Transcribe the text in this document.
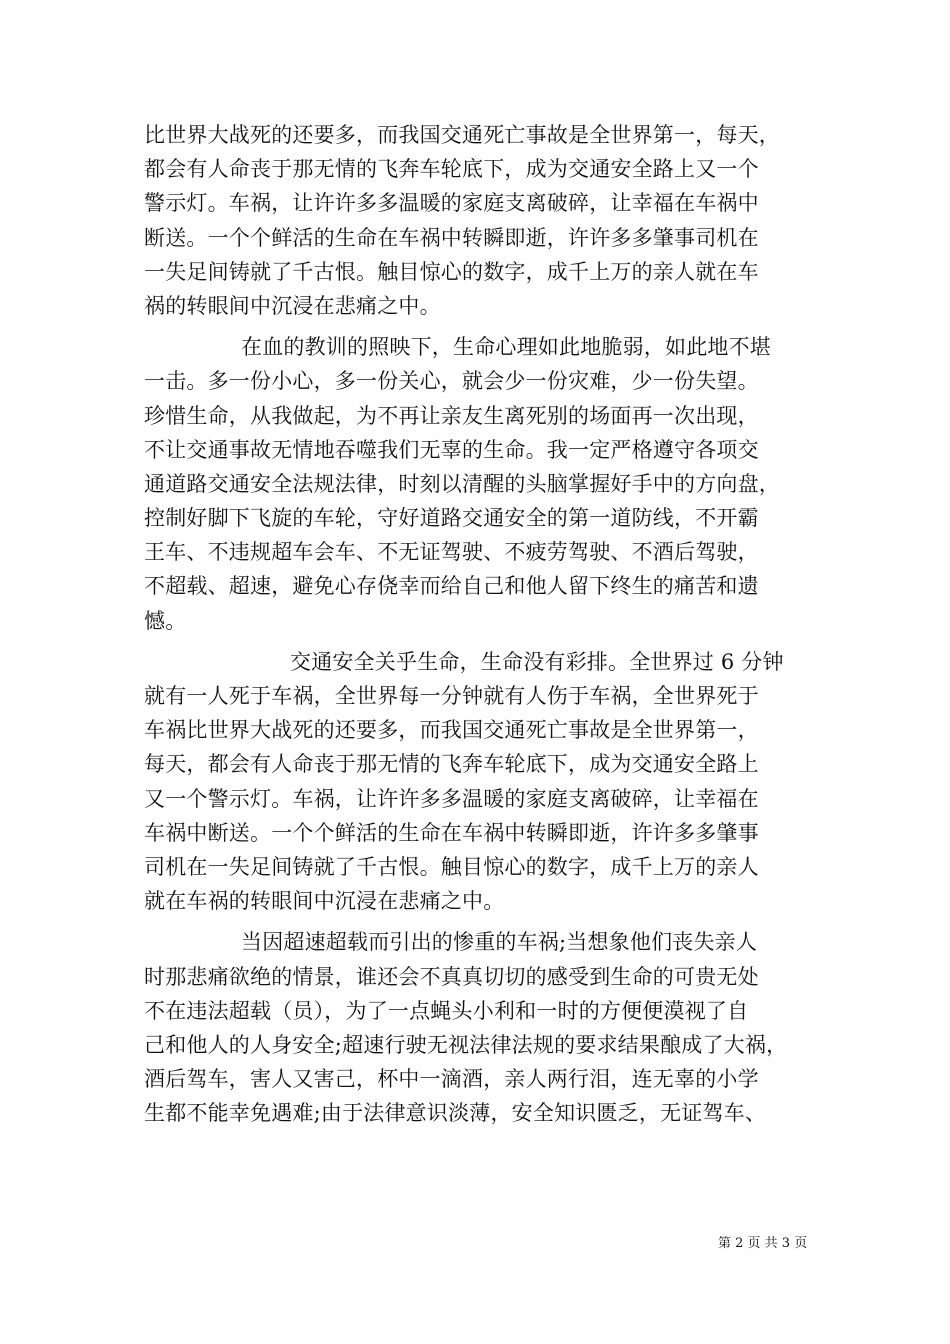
比世界大战死的还要多，而我国交通死亡事故是全世界第一，每天，
都会有人命丧于那无情的飞奔车轮底下，成为交通安全路上又一个
警示灯。车祸，让许许多多温暖的家庭支离破碎，让幸福在车祸中
断送。一个个鲜活的生命在车祸中转瞬即逝，许许多多肇事司机在
一失足间铸就了千古恨。触目惊心的数字，成千上万的亲人就在车
祸的转眼间中沉浸在悲痛之中。
在血的教训的照映下，生命心理如此地脆弱，如此地不堪
一击。多一份小心，多一份关心，就会少一份灾难，少一份失望。
珍惜生命，从我做起，为不再让亲友生离死别的场面再一次出现，
不让交通事故无情地吞噬我们无辜的生命。我一定严格遵守各项交
通道路交通安全法规法律，时刻以清醒的头脑掌握好手中的方向盘，
控制好脚下飞旋的车轮，守好道路交通安全的第一道防线，不开霸
王车、不违规超车会车、不无证驾驶、不疲劳驾驶、不酒后驾驶，
不超载、超速，避免心存侥幸而给自己和他人留下终生的痛苦和遗
憾。
交通安全关乎生命，生命没有彩排。全世界过 6 分钟
就有一人死于车祸，全世界每一分钟就有人伤于车祸，全世界死于
车祸比世界大战死的还要多，而我国交通死亡事故是全世界第一，
每天，都会有人命丧于那无情的飞奔车轮底下，成为交通安全路上
又一个警示灯。车祸，让许许多多温暖的家庭支离破碎，让幸福在
车祸中断送。一个个鲜活的生命在车祸中转瞬即逝，许许多多肇事
司机在一失足间铸就了千古恨。触目惊心的数字，成千上万的亲人
就在车祸的转眼间中沉浸在悲痛之中。
当因超速超载而引出的惨重的车祸;当想象他们丧失亲人
时那悲痛欲绝的情景，谁还会不真真切切的感受到生命的可贵无处
不在违法超载（员），为了一点蝇头小利和一时的方便便漠视了自
己和他人的人身安全;超速行驶无视法律法规的要求结果酿成了大祸，
酒后驾车，害人又害己，杯中一滴酒，亲人两行泪，连无辜的小学
生都不能幸免遇难;由于法律意识淡薄，安全知识匮乏，无证驾车、
第 2 页 共 3 页
